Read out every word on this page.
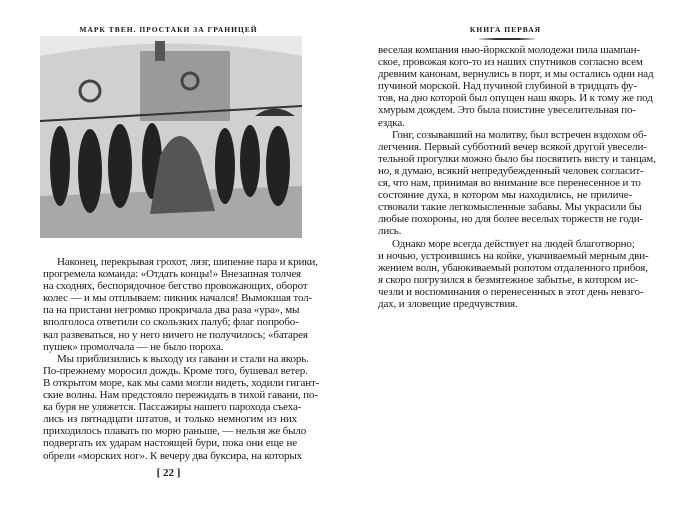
МАРК ТВЕН. ПРОСТАКИ ЗА ГРАНИЦЕЙ
Наконец, перекрывая грохот, лязг, шипение пара и крики,
прогремела команда: «Отдать концы!» Внезапная толчея
на сходнях, беспорядочное бегство провожающих, оборот
колес — и мы отплываем: пикник начался! Вымокшая тол-
па на пристани негромко прокричала два раза «ура», мы
вполголоса ответили со скользких палуб; флаг попробо-
вал развеваться, но у него ничего не получилось; «батарея
пушек» промолчала — не было пороха.
Мы приблизились к выходу из гавани и стали на якорь.
По-прежнему моросил дождь. Кроме того, бушевал ветер.
В открытом море, как мы сами могли видеть, ходили гигант-
ские волны. Нам предстояло пережидать в тихой гавани, по-
ка буря не уляжется. Пассажиры нашего парохода съеха-
лись из пятнадцати штатов, и только немногим из них
приходилось плавать по морю раньше, — нельзя же было
подвергать их ударам настоящей бури, пока они еще не
обрели «морских ног». К вечеру два буксира, на которых
[ 22 ]
КНИГА ПЕРВАЯ
веселая компания нью-йоркской молодежи пила шампан-
ское, провожая кого-то из наших спутников согласно всем
древним канонам, вернулись в порт, и мы остались одни над
пучиной морской. Над пучиной глубиной в тридцать фу-
тов, на дно которой был опущен наш якорь. И к тому же под
хмурым дождем. Это была поистине увеселительная по-
ездка.
Гонг, созывавший на молитву, был встречен вздохом об-
легчения. Первый субботний вечер всякой другой увесели-
тельной прогулки можно было бы посвятить висту и танцам,
но, я думаю, всякий непредубежденный человек согласит-
ся, что нам, принимая во внимание все перенесенное и то
состояние духа, в котором мы находились, не приличе-
ствовали такие легкомысленные забавы. Мы украсили бы
любые похороны, но для более веселых торжеств не годи-
лись.
Однако море всегда действует на людей благотворно;
и ночью, устроившись на койке, укачиваемый мерным дви-
жением волн, убаюкиваемый ропотом отдаленного прибоя,
я скоро погрузился в безмятежное забытье, в котором ис-
чезли и воспоминания о перенесенных в этот день невзго-
дах, и зловещие предчувствия.
